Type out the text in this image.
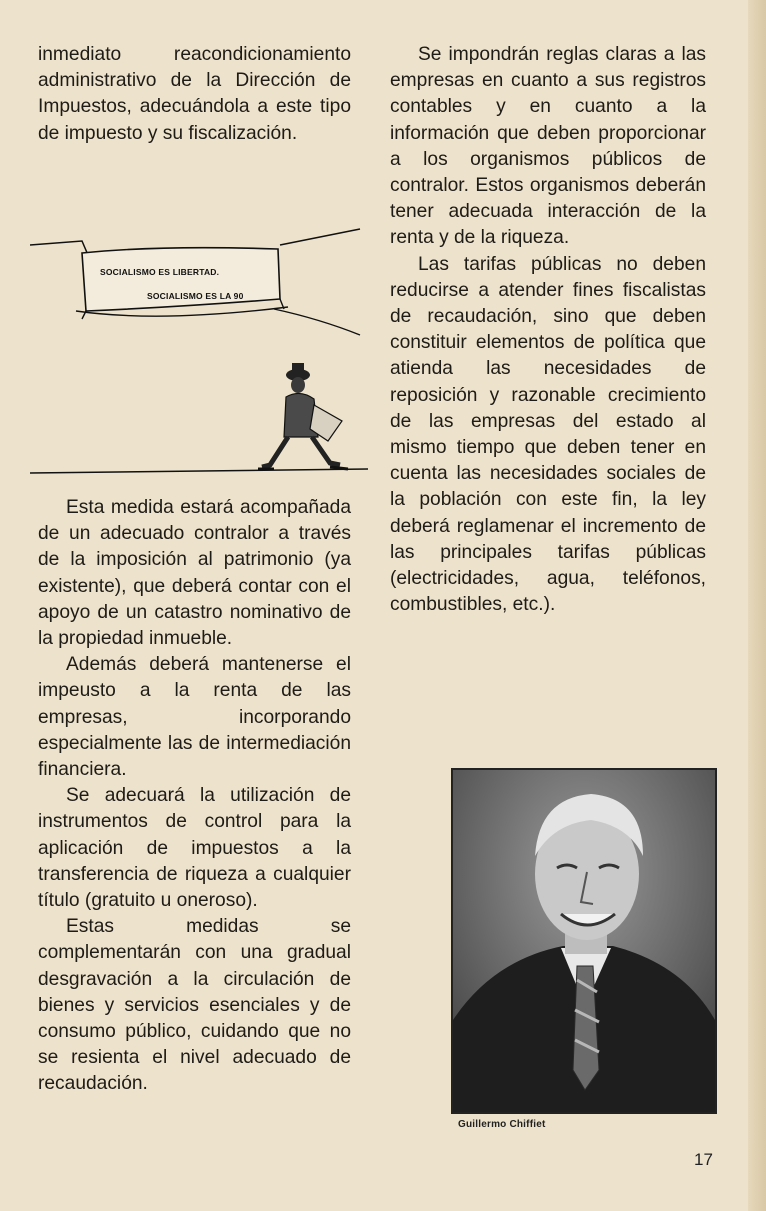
inmediato reacondicionamiento administrativo de la Dirección de Impuestos, adecuándola a este tipo de impuesto y su fiscalización.

SOCIALISMO ES LIBERTAD.
SOCIALISMO ES LA 90

Esta medida estará acompañada de un adecuado contralor a través de la imposición al patrimonio (ya existente), que deberá contar con el apoyo de un catastro nominativo de la propiedad inmueble.

Además deberá mantenerse el impeusto a la renta de las empresas, incorporando especialmente las de intermediación financiera.

Se adecuará la utilización de instrumentos de control para la aplicación de impuestos a la transferencia de riqueza a cualquier título (gratuito u oneroso).

Estas medidas se complementarán con una gradual desgravación a la circulación de bienes y servicios esenciales y de consumo público, cuidando que no se resienta el nivel adecuado de recaudación.

Se impondrán reglas claras a las empresas en cuanto a sus registros contables y en cuanto a la información que deben proporcionar a los organismos públicos de contralor. Estos organismos deberán tener adecuada interacción de la renta y de la riqueza.

Las tarifas públicas no deben reducirse a atender fines fiscalistas de recaudación, sino que deben constituir elementos de política que atienda las necesidades de reposición y razonable crecimiento de las empresas del estado al mismo tiempo que deben tener en cuenta las necesidades sociales de la población con este fin, la ley deberá reglamenar el incremento de las principales tarifas públicas (electricidades, agua, teléfonos, combustibles, etc.).

Guillermo Chiffiet
17
